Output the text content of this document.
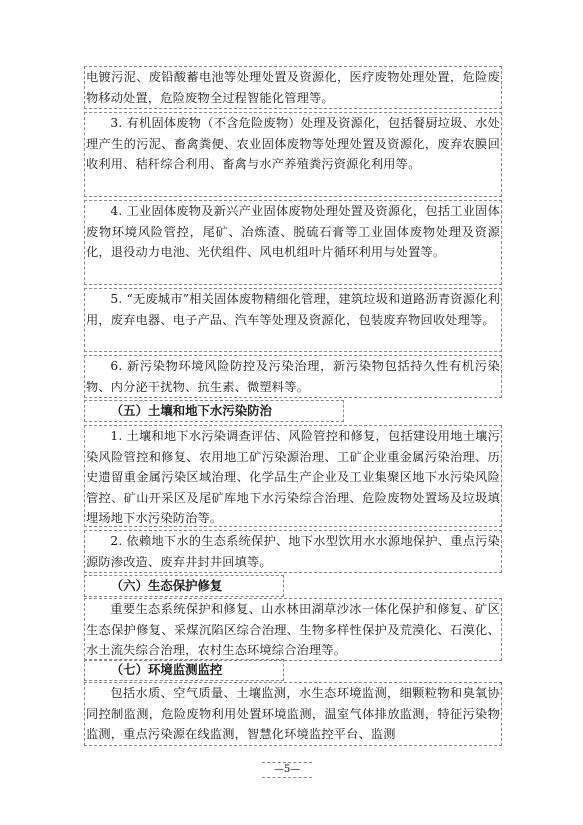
电镀污泥、废铅酸蓄电池等处理处置及资源化，医疗废物处理处置，危险废物移动处置，危险废物全过程智能化管理等。

3. 有机固体废物（不含危险废物）处理及资源化，包括餐厨垃圾、水处理产生的污泥、畜禽粪便、农业固体废物等处理处置及资源化，废弃农膜回收利用、秸秆综合利用、畜禽与水产养殖粪污资源化利用等。

4. 工业固体废物及新兴产业固体废物处理处置及资源化，包括工业固体废物环境风险管控，尾矿、冶炼渣、脱硫石膏等工业固体废物处理及资源化，退役动力电池、光伏组件、风电机组叶片循环利用与处置等。

5. “无废城市”相关固体废物精细化管理，建筑垃圾和道路沥青资源化利用，废弃电器、电子产品、汽车等处理及资源化，包装废弃物回收处理等。

6. 新污染物环境风险防控及污染治理，新污染物包括持久性有机污染物、内分泌干扰物、抗生素、微塑料等。

（五）土壤和地下水污染防治

1. 土壤和地下水污染调查评估、风险管控和修复，包括建设用地土壤污染风险管控和修复、农用地工矿污染源治理、工矿企业重金属污染治理、历史遗留重金属污染区域治理、化学品生产企业及工业集聚区地下水污染风险管控、矿山开采区及尾矿库地下水污染综合治理、危险废物处置场及垃圾填埋场地下水污染防治等。

2. 依赖地下水的生态系统保护、地下水型饮用水水源地保护、重点污染源防渗改造、废弃井封井回填等。

（六）生态保护修复

重要生态系统保护和修复、山水林田湖草沙冰一体化保护和修复、矿区生态保护修复、采煤沉陷区综合治理、生物多样性保护及荒漠化、石漠化、水土流失综合治理，农村生态环境综合治理等。

（七）环境监测监控

包括水质、空气质量、土壤监测，水生态环境监测，细颗粒物和臭氧协同控制监测，危险废物利用处置环境监测，温室气体排放监测，特征污染物监测，重点污染源在线监测，智慧化环境监控平台、监测

—5—
